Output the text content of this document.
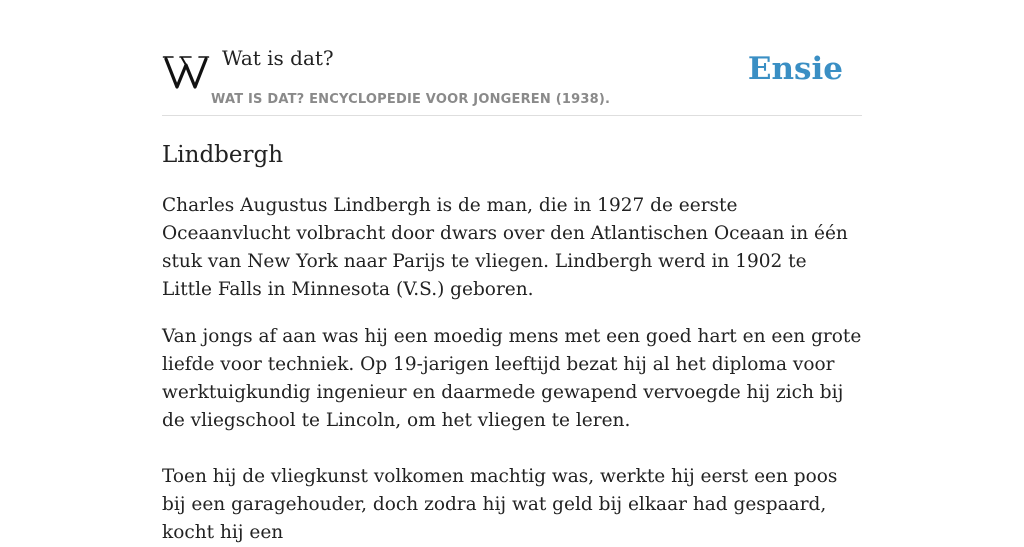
Wat is dat?
WAT IS DAT? ENCYCLOPEDIE VOOR JONGEREN (1938).
Ensie
Lindbergh

Charles Augustus Lindbergh is de man, die in 1927 de eerste Oceaanvlucht volbracht door dwars over den Atlantischen Oceaan in één stuk van New York naar Parijs te vliegen. Lindbergh werd in 1902 te Little Falls in Minnesota (V.S.) geboren.

Van jongs af aan was hij een moedig mens met een goed hart en een grote liefde voor techniek. Op 19-jarigen leeftijd bezat hij al het diploma voor werktuigkundig ingenieur en daarmede gewapend vervoegde hij zich bij de vliegschool te Lincoln, om het vliegen te leren.

Toen hij de vliegkunst volkomen machtig was, werkte hij eerst een poos bij een garagehouder, doch zodra hij wat geld bij elkaar had gespaard, kocht hij een
